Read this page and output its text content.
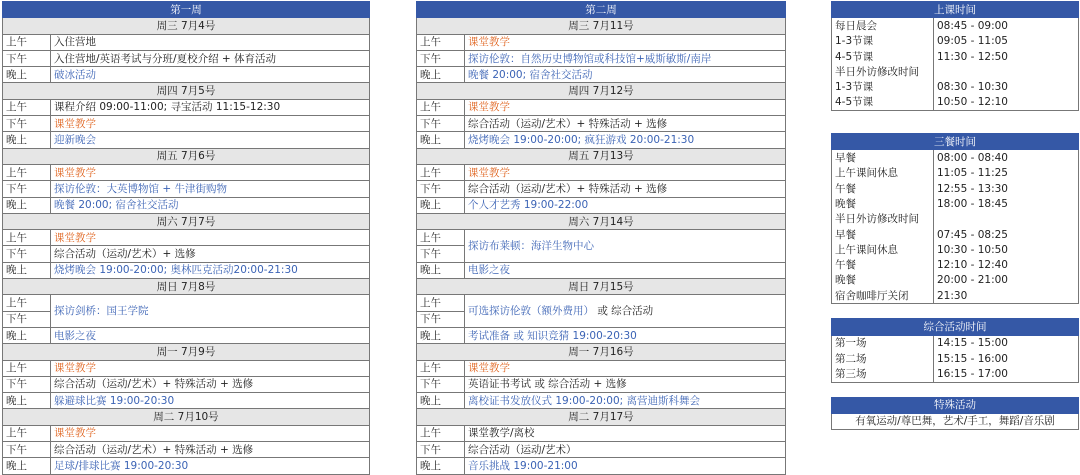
第一周	
周三 7月4号	
上午	入住营地
下午	入住营地/英语考试与分班/夏校介绍 + 体育活动
晚上	破冰活动
周四 7月5号	
上午	课程介绍 09:00-11:00; 寻宝活动 11:15-12:30
下午	课堂教学
晚上	迎新晚会
周五 7月6号	
上午	课堂教学
下午	探访伦敦：大英博物馆 + 牛津街购物
晚上	晚餐 20:00; 宿舍社交活动
周六 7月7号	
上午	课堂教学
下午	综合活动（运动/艺术）+ 选修
晚上	烧烤晚会 19:00-20:00; 奥林匹克活动20:00-21:30
周日 7月8号	
上午	探访剑桥：国王学院
下午	
晚上	电影之夜
周一 7月9号	
上午	课堂教学
下午	综合活动（运动/艺术）+ 特殊活动 + 选修
晚上	躲避球比赛 19:00-20:30
周二 7月10号	
上午	课堂教学
下午	综合活动（运动/艺术）+ 特殊活动 + 选修
晚上	足球/排球比赛 19:00-20:30
第二周	
周三 7月11号	
上午	课堂教学
下午	探访伦敦：自然历史博物馆或科技馆+威斯敏斯/南岸
晚上	晚餐 20:00; 宿舍社交活动
周四 7月12号	
上午	课堂教学
下午	综合活动（运动/艺术）+ 特殊活动 + 选修
晚上	烧烤晚会 19:00-20:00; 疯狂游戏 20:00-21:30
周五 7月13号	
上午	课堂教学
下午	综合活动（运动/艺术）+ 特殊活动 + 选修
晚上	个人才艺秀 19:00-22:00
周六 7月14号	
上午	探访布莱顿：海洋生物中心
下午	
晚上	电影之夜
周日 7月15号	
上午	可选探访伦敦（额外费用） 或 综合活动
下午	
晚上	考试准备 或 知识竞猜 19:00-20:30
周一 7月16号	
上午	课堂教学
下午	英语证书考试 或 综合活动 + 选修
晚上	离校证书发放仪式 19:00-20:00; 离营迪斯科舞会
周二 7月17号	
上午	课堂教学/离校
下午	综合活动（运动/艺术）
晚上	音乐挑战 19:00-21:00
上课时间	
每日晨会	08:45 - 09:00
1-3节课	09:05 - 11:05
4-5节课	11:30 - 12:50
半日外访修改时间	
1-3节课	08:30 - 10:30
4-5节课	10:50 - 12:10

三餐时间	
早餐	08:00 - 08:40
上午课间休息	11:05 - 11:25
午餐	12:55 - 13:30
晚餐	18:00 - 18:45
半日外访修改时间	
早餐	07:45 - 08:25
上午课间休息	10:30 - 10:50
午餐	12:10 - 12:40
晚餐	20:00 - 21:00
宿舍咖啡厅关闭	21:30

综合活动时间	
第一场	14:15 - 15:00
第二场	15:15 - 16:00
第三场	16:15 - 17:00

特殊活动	
有氧运动/尊巴舞，艺术/手工，舞蹈/音乐剧	
